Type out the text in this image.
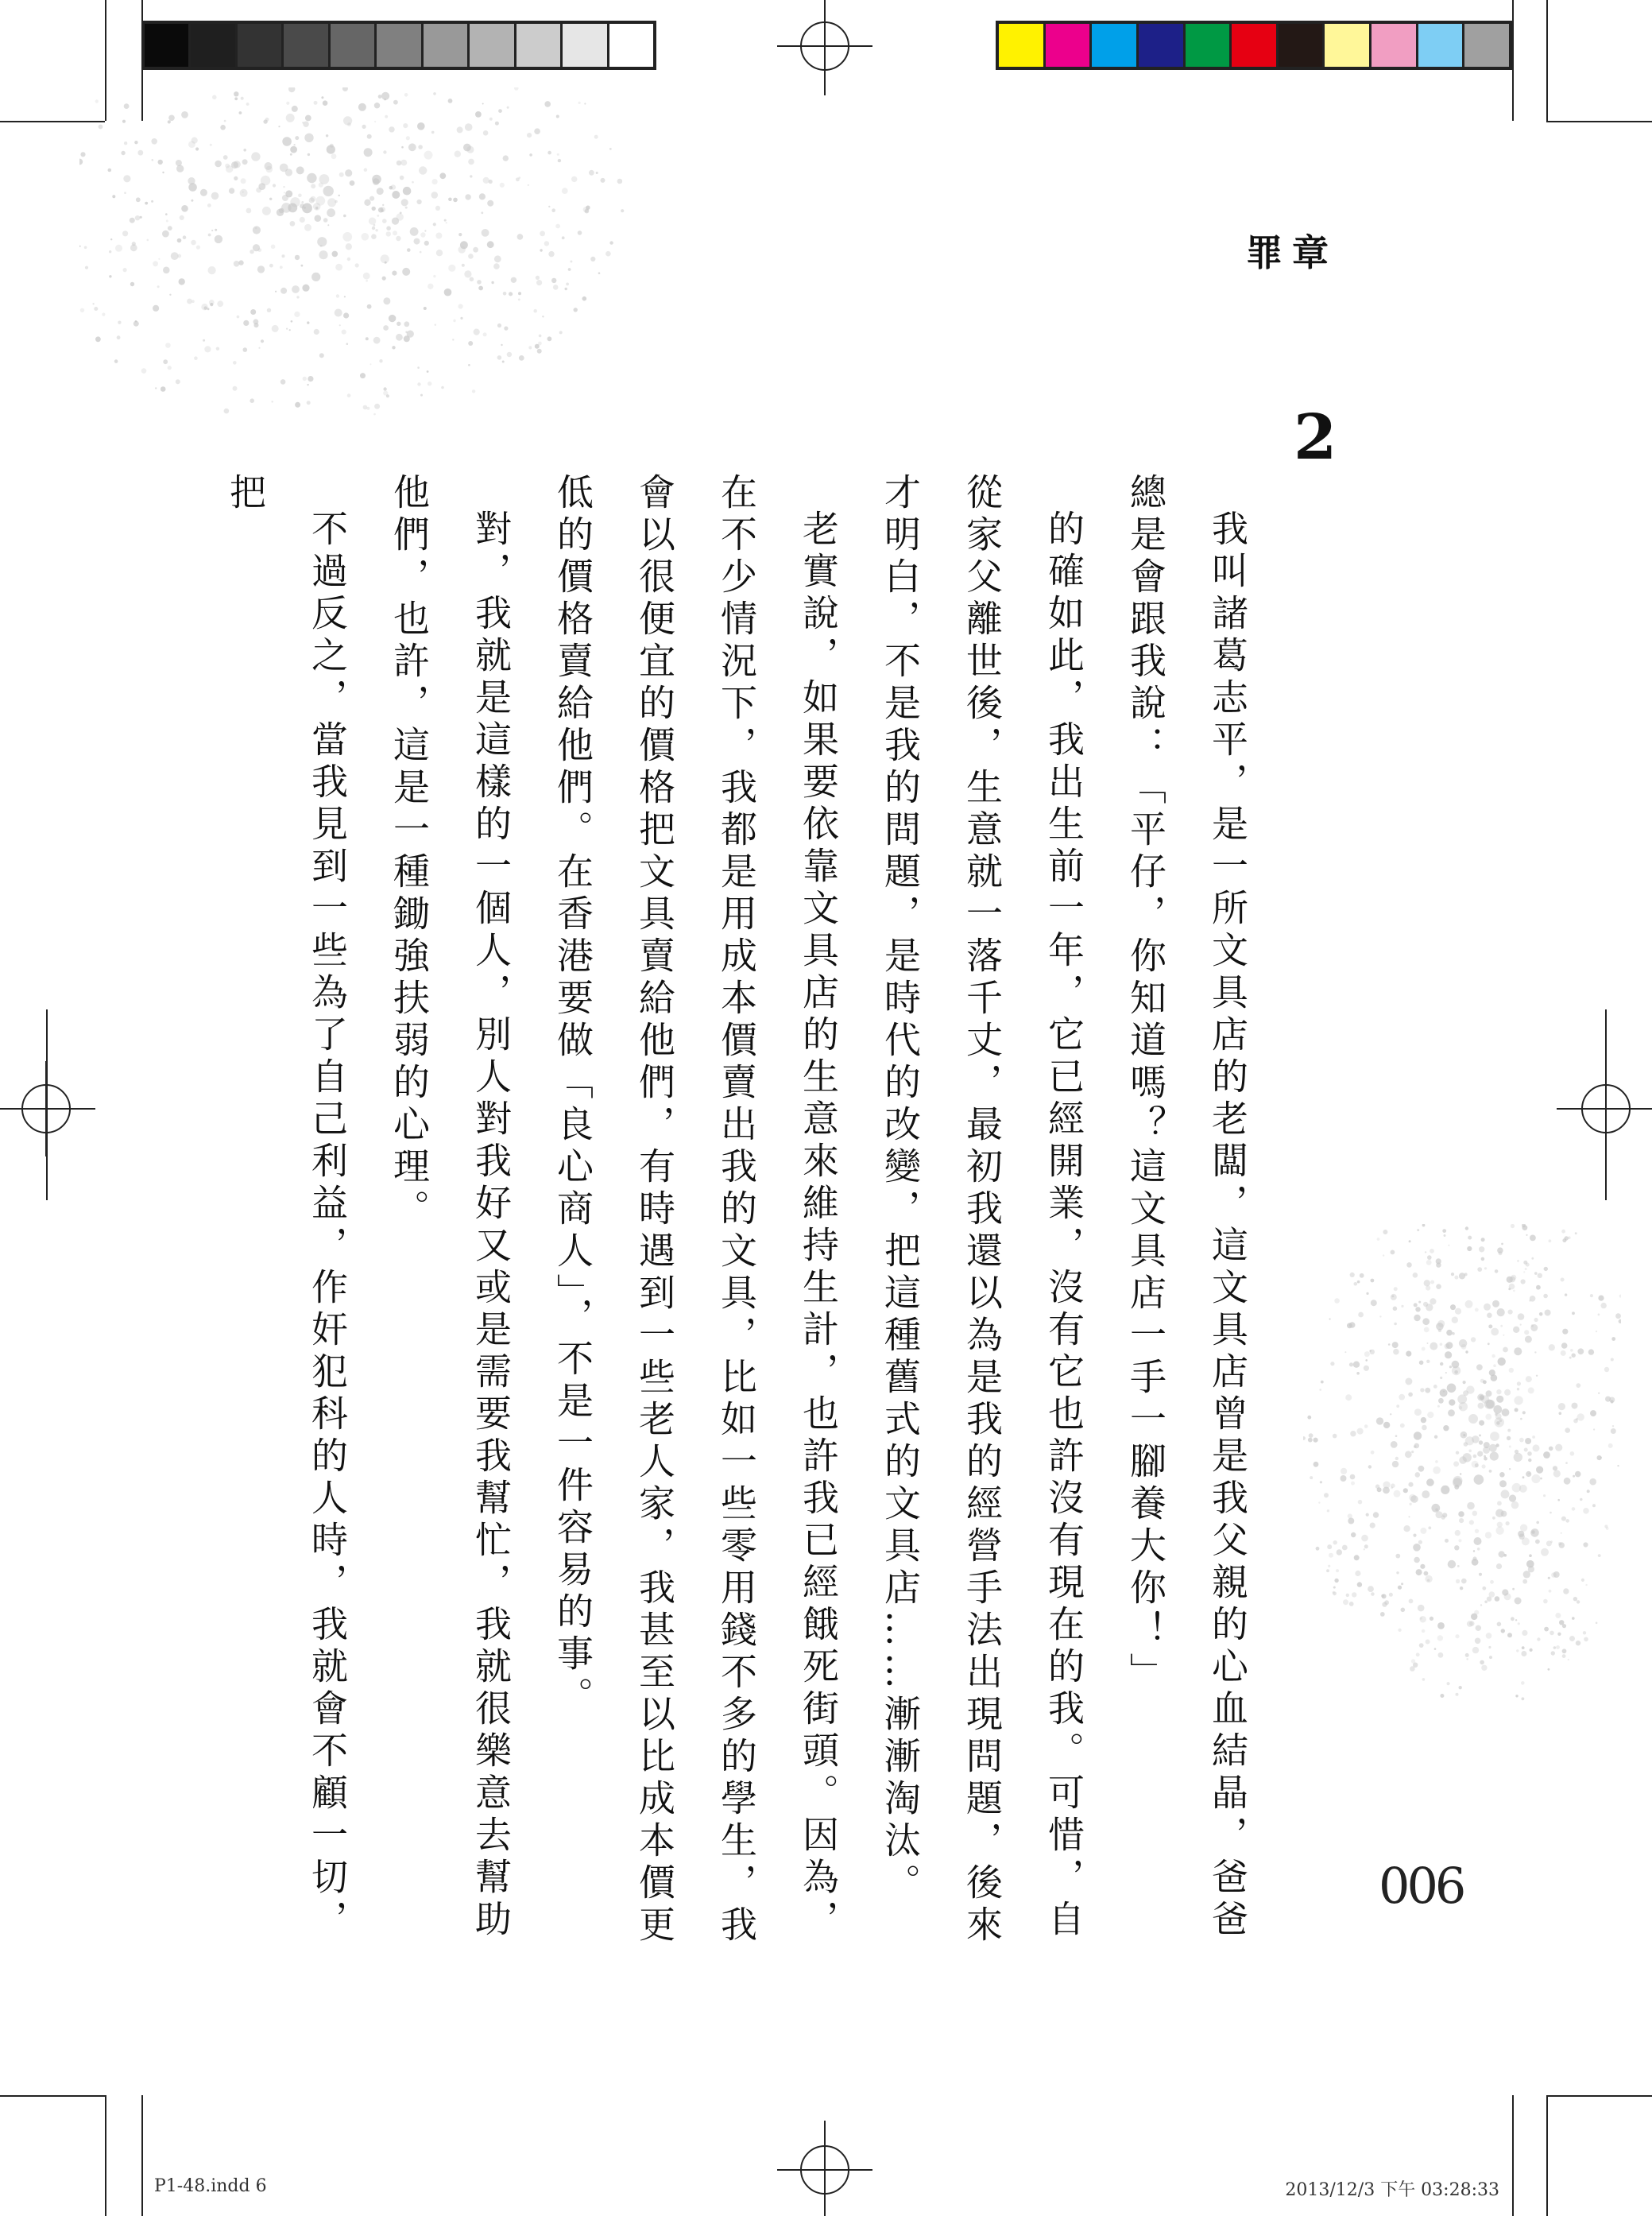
罪章
2
006

我叫諸葛志平，是一所文具店的老闆，這文具店曾是我父親的心血結晶，爸爸總是會跟我說：「平仔，你知道嗎？這文具店一手一腳養大你！」

的確如此，我出生前一年，它已經開業，沒有它也許沒有現在的我。可惜，自從家父離世後，生意就一落千丈，最初我還以為是我的經營手法出現問題，後來才明白，不是我的問題，是時代的改變，把這種舊式的文具店……漸漸淘汰。

老實說，如果要依靠文具店的生意來維持生計，也許我已經餓死街頭。因為，在不少情況下，我都是用成本價賣出我的文具，比如一些零用錢不多的學生，我會以很便宜的價格把文具賣給他們，有時遇到一些老人家，我甚至以比成本價更低的價格賣給他們。在香港要做「良心商人」，不是一件容易的事。

對，我就是這樣的一個人，別人對我好又或是需要我幫忙，我就很樂意去幫助他們，也許，這是一種鋤強扶弱的心理。

不過反之，當我見到一些為了自己利益，作奸犯科的人時，我就會不顧一切，把

P1-48.indd 6	2013/12/3 下午 03:28:33
